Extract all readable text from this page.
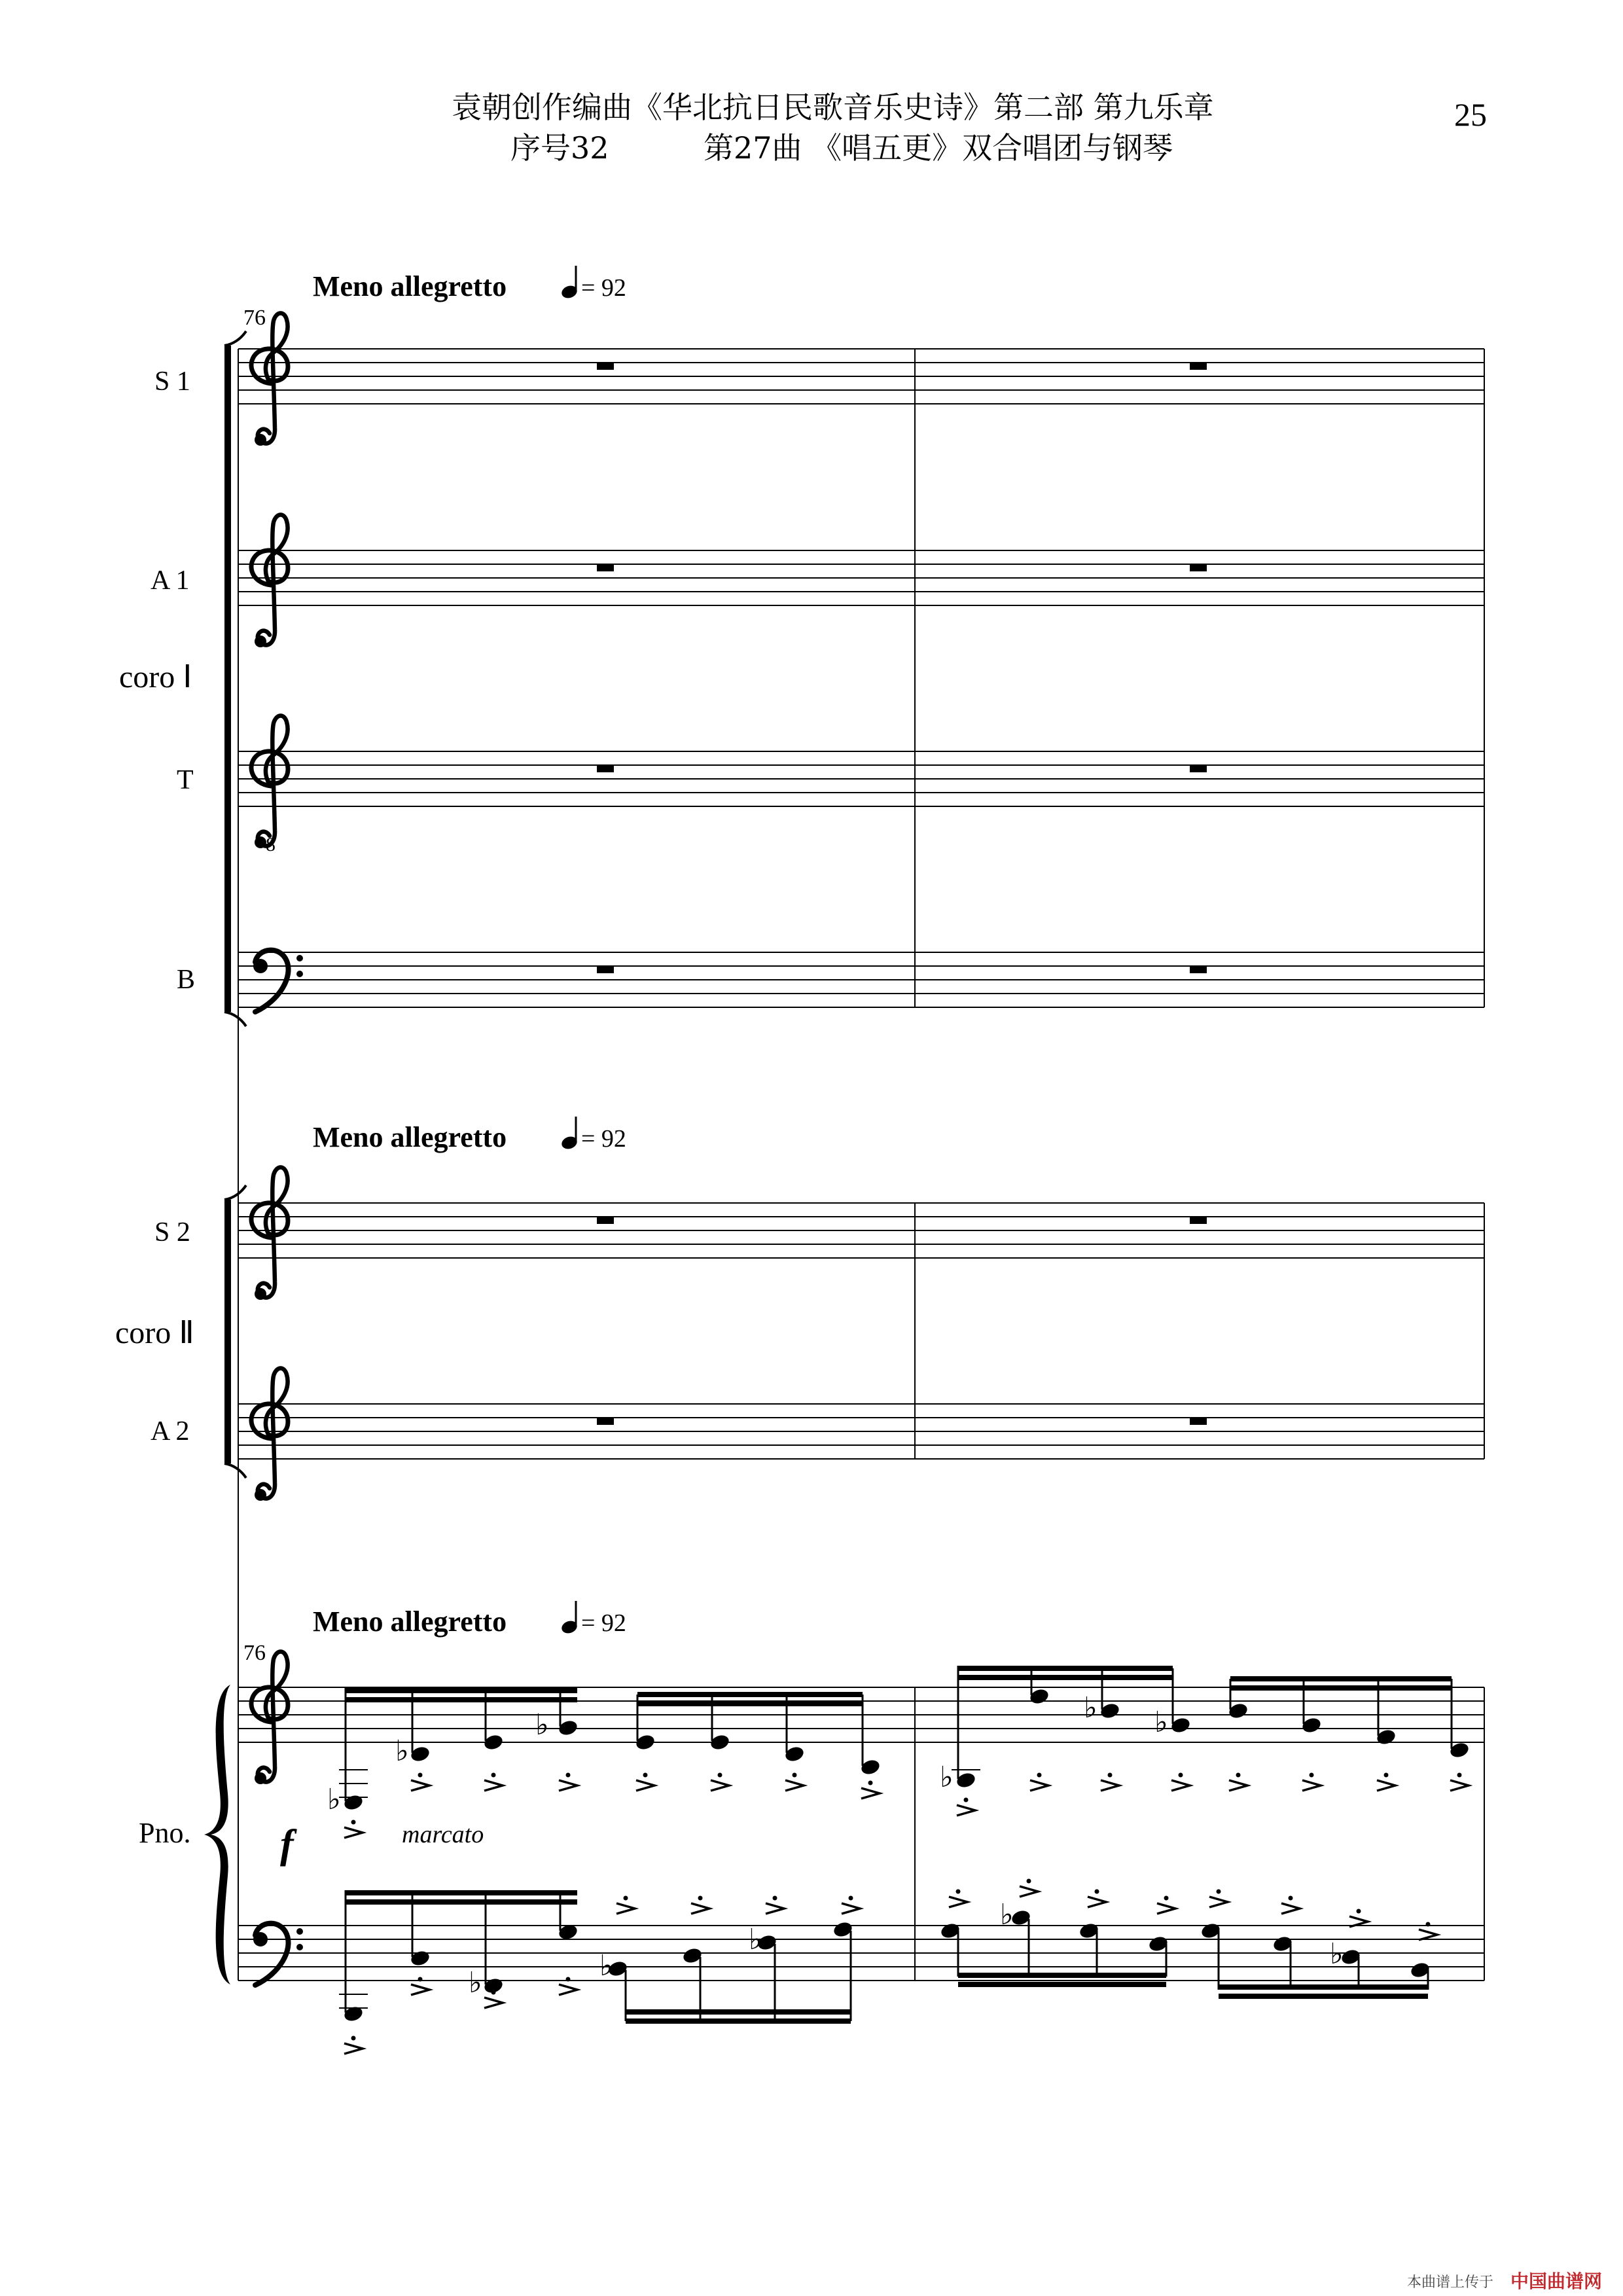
袁朝创作编曲《华北抗日民歌音乐史诗》第二部 第九乐章
序号32	第27曲 《唱五更》双合唱团与钢琴
25
Meno allegretto	= 92
76
S 1
A 1
coro Ⅰ
T
8
B
Meno allegretto	= 92
S 2
coro Ⅱ
A 2
Meno allegretto	= 92
76
Pno. f	marcato
♭
♭
♭
♭
♭ ♭
♭
♭
♭
♭
♭
本曲谱上传于 中国曲谱网
